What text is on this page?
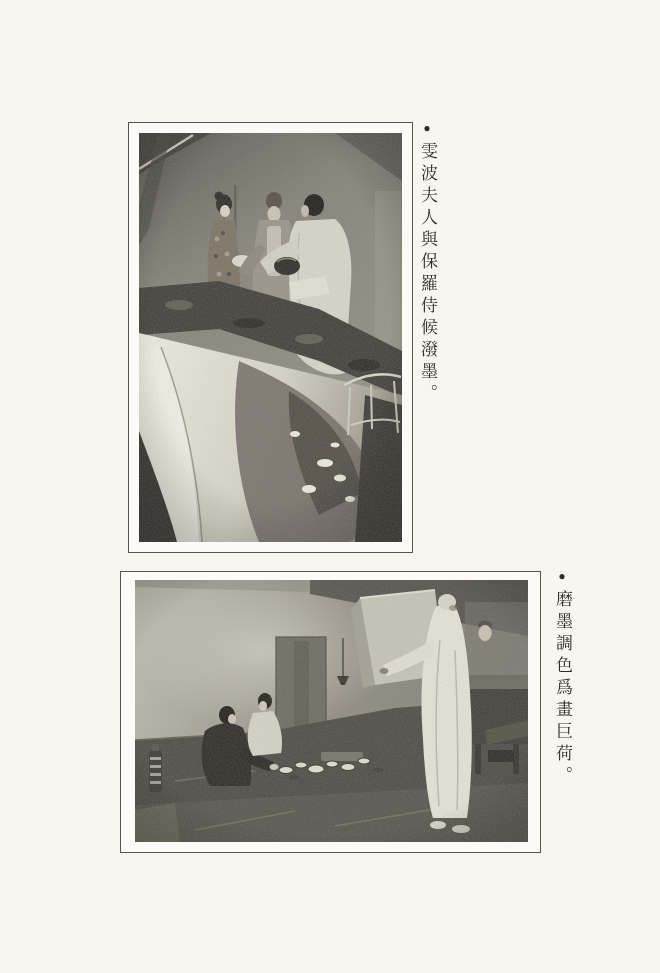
●雯波夫人與保羅侍候潑墨。
●磨墨調色爲畫巨荷。
